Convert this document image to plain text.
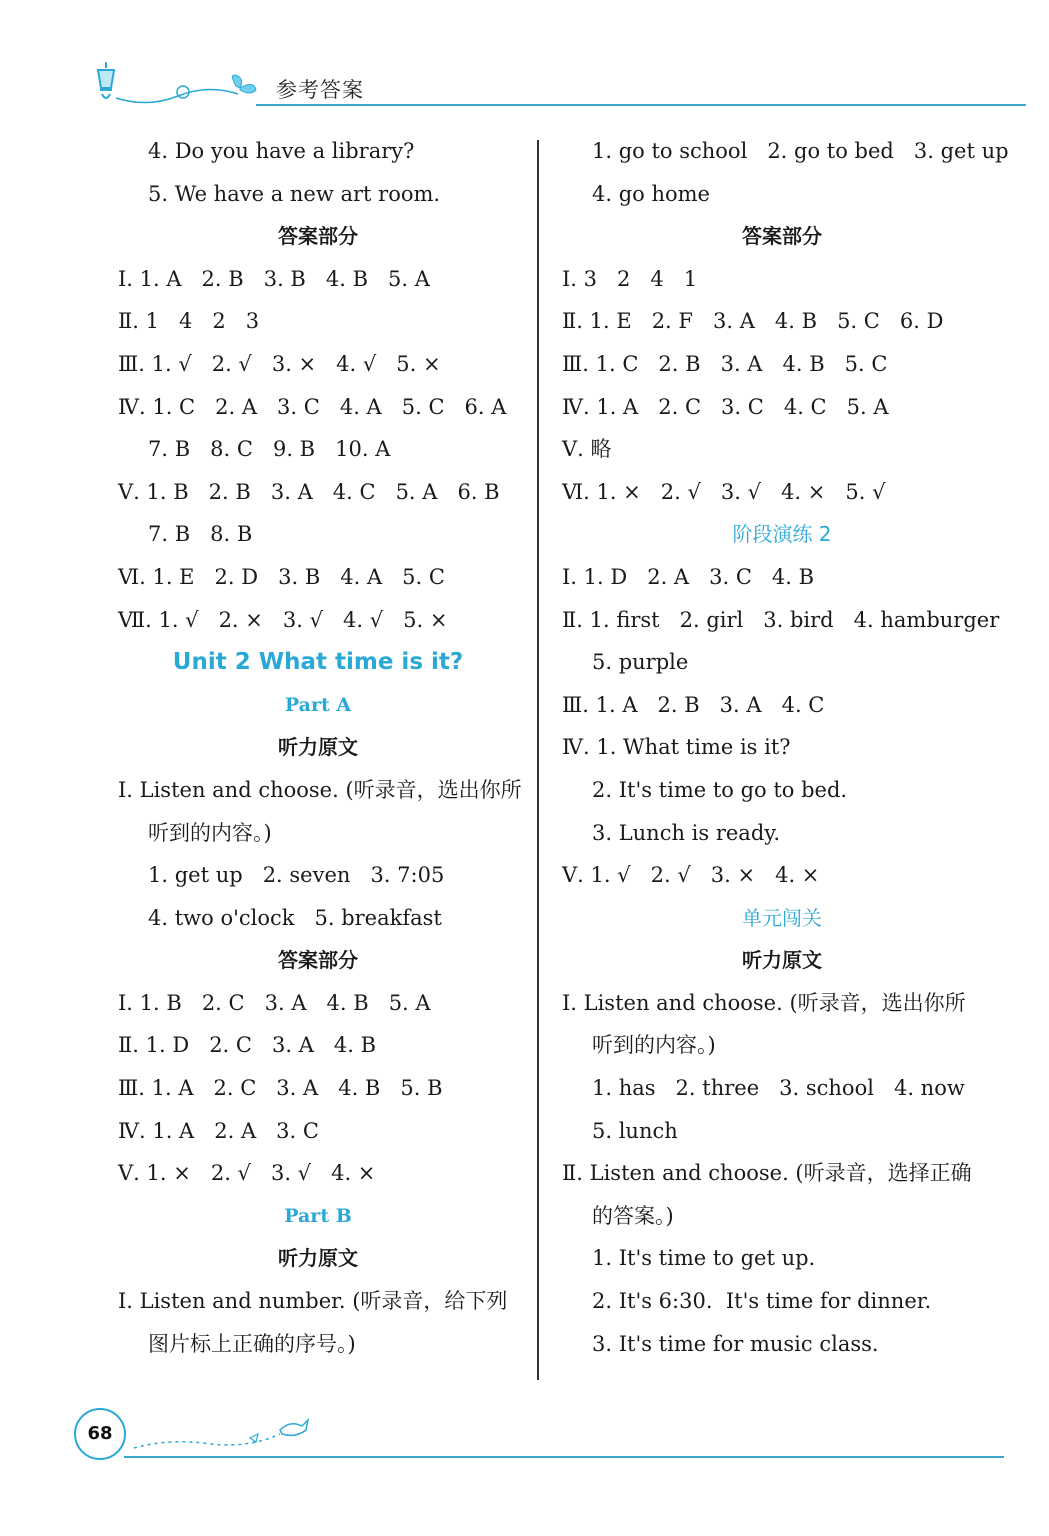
参考答案
4. Do you have a library?
5. We have a new art room.
答案部分
Ⅰ. 1. A   2. B   3. B   4. B   5. A
Ⅱ. 1   4   2   3
Ⅲ. 1. √   2. √   3. ×   4. √   5. ×
Ⅳ. 1. C   2. A   3. C   4. A   5. C   6. A
7. B   8. C   9. B   10. A
Ⅴ. 1. B   2. B   3. A   4. C   5. A   6. B
7. B   8. B
Ⅵ. 1. E   2. D   3. B   4. A   5. C
Ⅶ. 1. √   2. ×   3. √   4. √   5. ×
Unit 2 What time is it?
Part A
听力原文
Ⅰ. Listen and choose. (听录音，选出你所
听到的内容。)
1. get up   2. seven   3. 7:05
4. two o'clock   5. breakfast
答案部分
Ⅰ. 1. B   2. C   3. A   4. B   5. A
Ⅱ. 1. D   2. C   3. A   4. B
Ⅲ. 1. A   2. C   3. A   4. B   5. B
Ⅳ. 1. A   2. A   3. C
Ⅴ. 1. ×   2. √   3. √   4. ×
Part B
听力原文
Ⅰ. Listen and number. (听录音，给下列
图片标上正确的序号。)
1. go to school   2. go to bed   3. get up
4. go home
答案部分
Ⅰ. 3   2   4   1
Ⅱ. 1. E   2. F   3. A   4. B   5. C   6. D
Ⅲ. 1. C   2. B   3. A   4. B   5. C
Ⅳ. 1. A   2. C   3. C   4. C   5. A
Ⅴ. 略
Ⅵ. 1. ×   2. √   3. √   4. ×   5. √
阶段演练 2
Ⅰ. 1. D   2. A   3. C   4. B
Ⅱ. 1. first   2. girl   3. bird   4. hamburger
5. purple
Ⅲ. 1. A   2. B   3. A   4. C
Ⅳ. 1. What time is it?
2. It's time to go to bed.
3. Lunch is ready.
Ⅴ. 1. √   2. √   3. ×   4. ×
单元闯关
听力原文
Ⅰ. Listen and choose. (听录音，选出你所
听到的内容。)
1. has   2. three   3. school   4. now
5. lunch
Ⅱ. Listen and choose. (听录音，选择正确
的答案。)
1. It's time to get up.
2. It's 6:30.  It's time for dinner.
3. It's time for music class.
68
